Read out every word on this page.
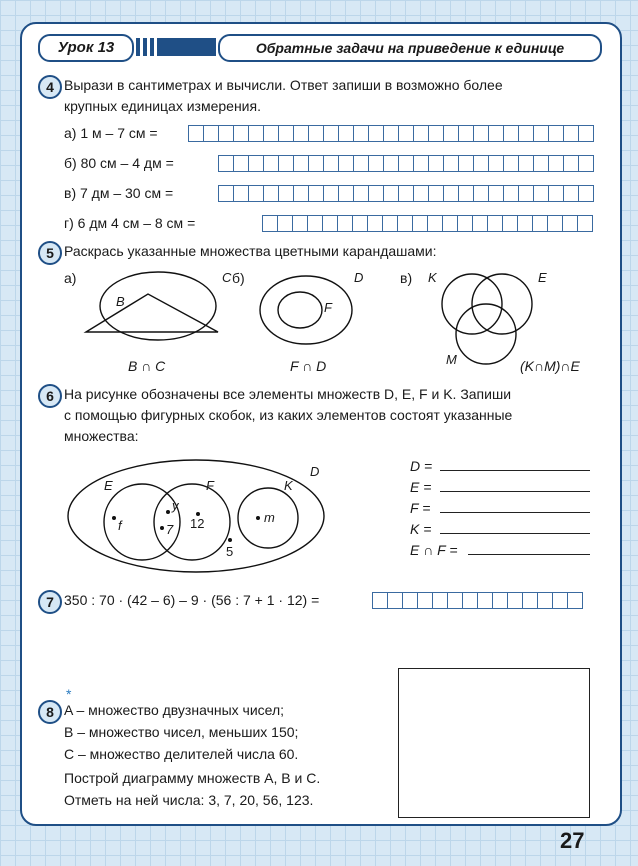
Урок 13	Обратные задачи на приведение к единице
4 Вырази в сантиметрах и вычисли. Ответ запиши в возможно более
крупных единицах измерения.
а) 1 м – 7 см =
б) 80 см – 4 дм =
в) 7 дм – 30 см =
г) 6 дм 4 см – 8 см =
5 Раскрась указанные множества цветными карандашами:
а)
B
C
B ∩ C
б)	D
F
F ∩ D
в) K	E
M	(K∩M)∩E
6 На рисунке обозначены все элементы множеств D, E, F и K. Запиши
с помощью фигурных скобок, из каких элементов состоят указанные
множества:
D
E	F	K
f
y
7 12	m
5
D =
E =
F =
K =
E ∩ F =
7 350 : 70 · (42 – 6) – 9 · (56 : 7 + 1 · 12) =
*
8 A – множество двузначных чисел;
B – множество чисел, меньших 150;
C – множество делителей числа 60.
Построй диаграмму множеств A, B и C.
Отметь на ней числа: 3, 7, 20, 56, 123.
27
